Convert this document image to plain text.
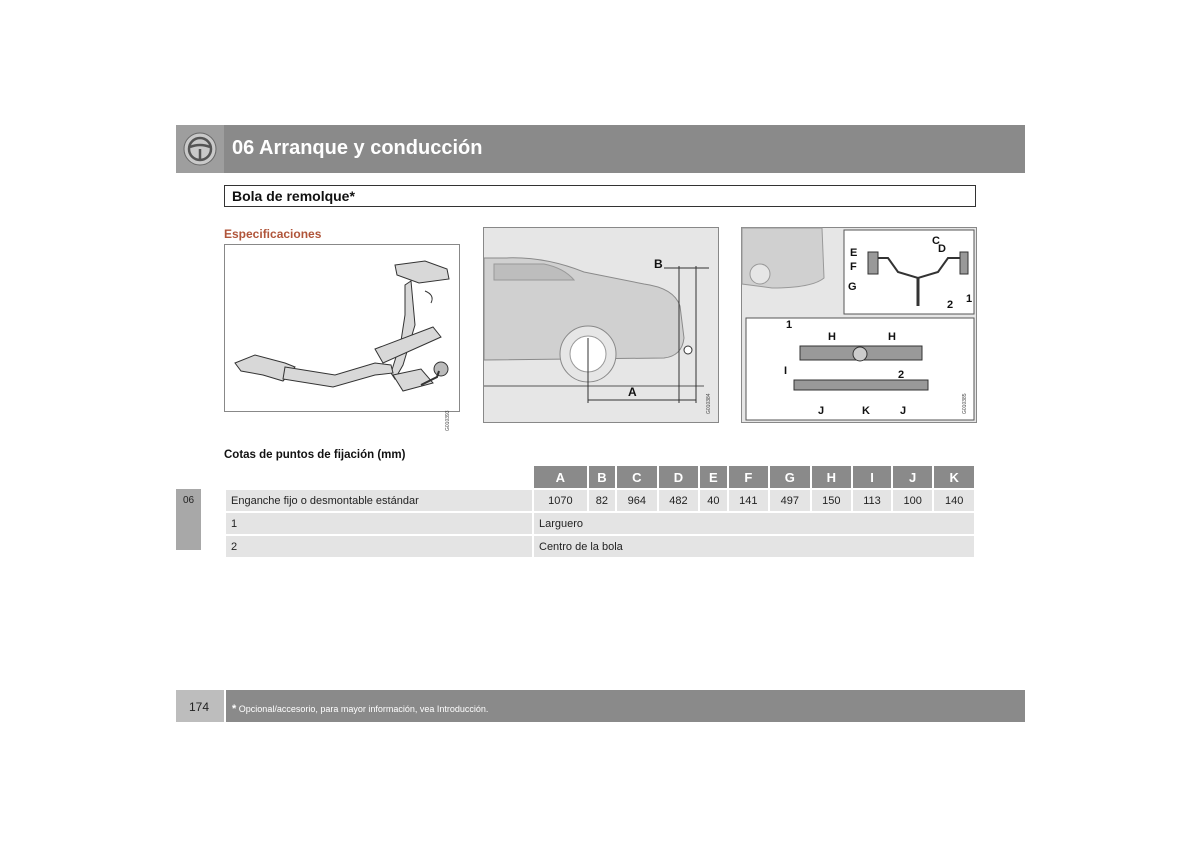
06 Arranque y conducción
Bola de remolque*
Especificaciones
G010393
B
A
G010384
C
D
E
F
G
2 1
1
H	H
I	2
J	K	J	G010385
Cotas de puntos de fijación (mm)
06
	A	B	C	D	E	F	G	H	I	J	K
Enganche fijo o desmontable estándar	1070	82	964	482	40	141	497	150	113	100	140
1	Larguero										
2	Centro de la bola										
174 * Opcional/accesorio, para mayor información, vea Introducción.
